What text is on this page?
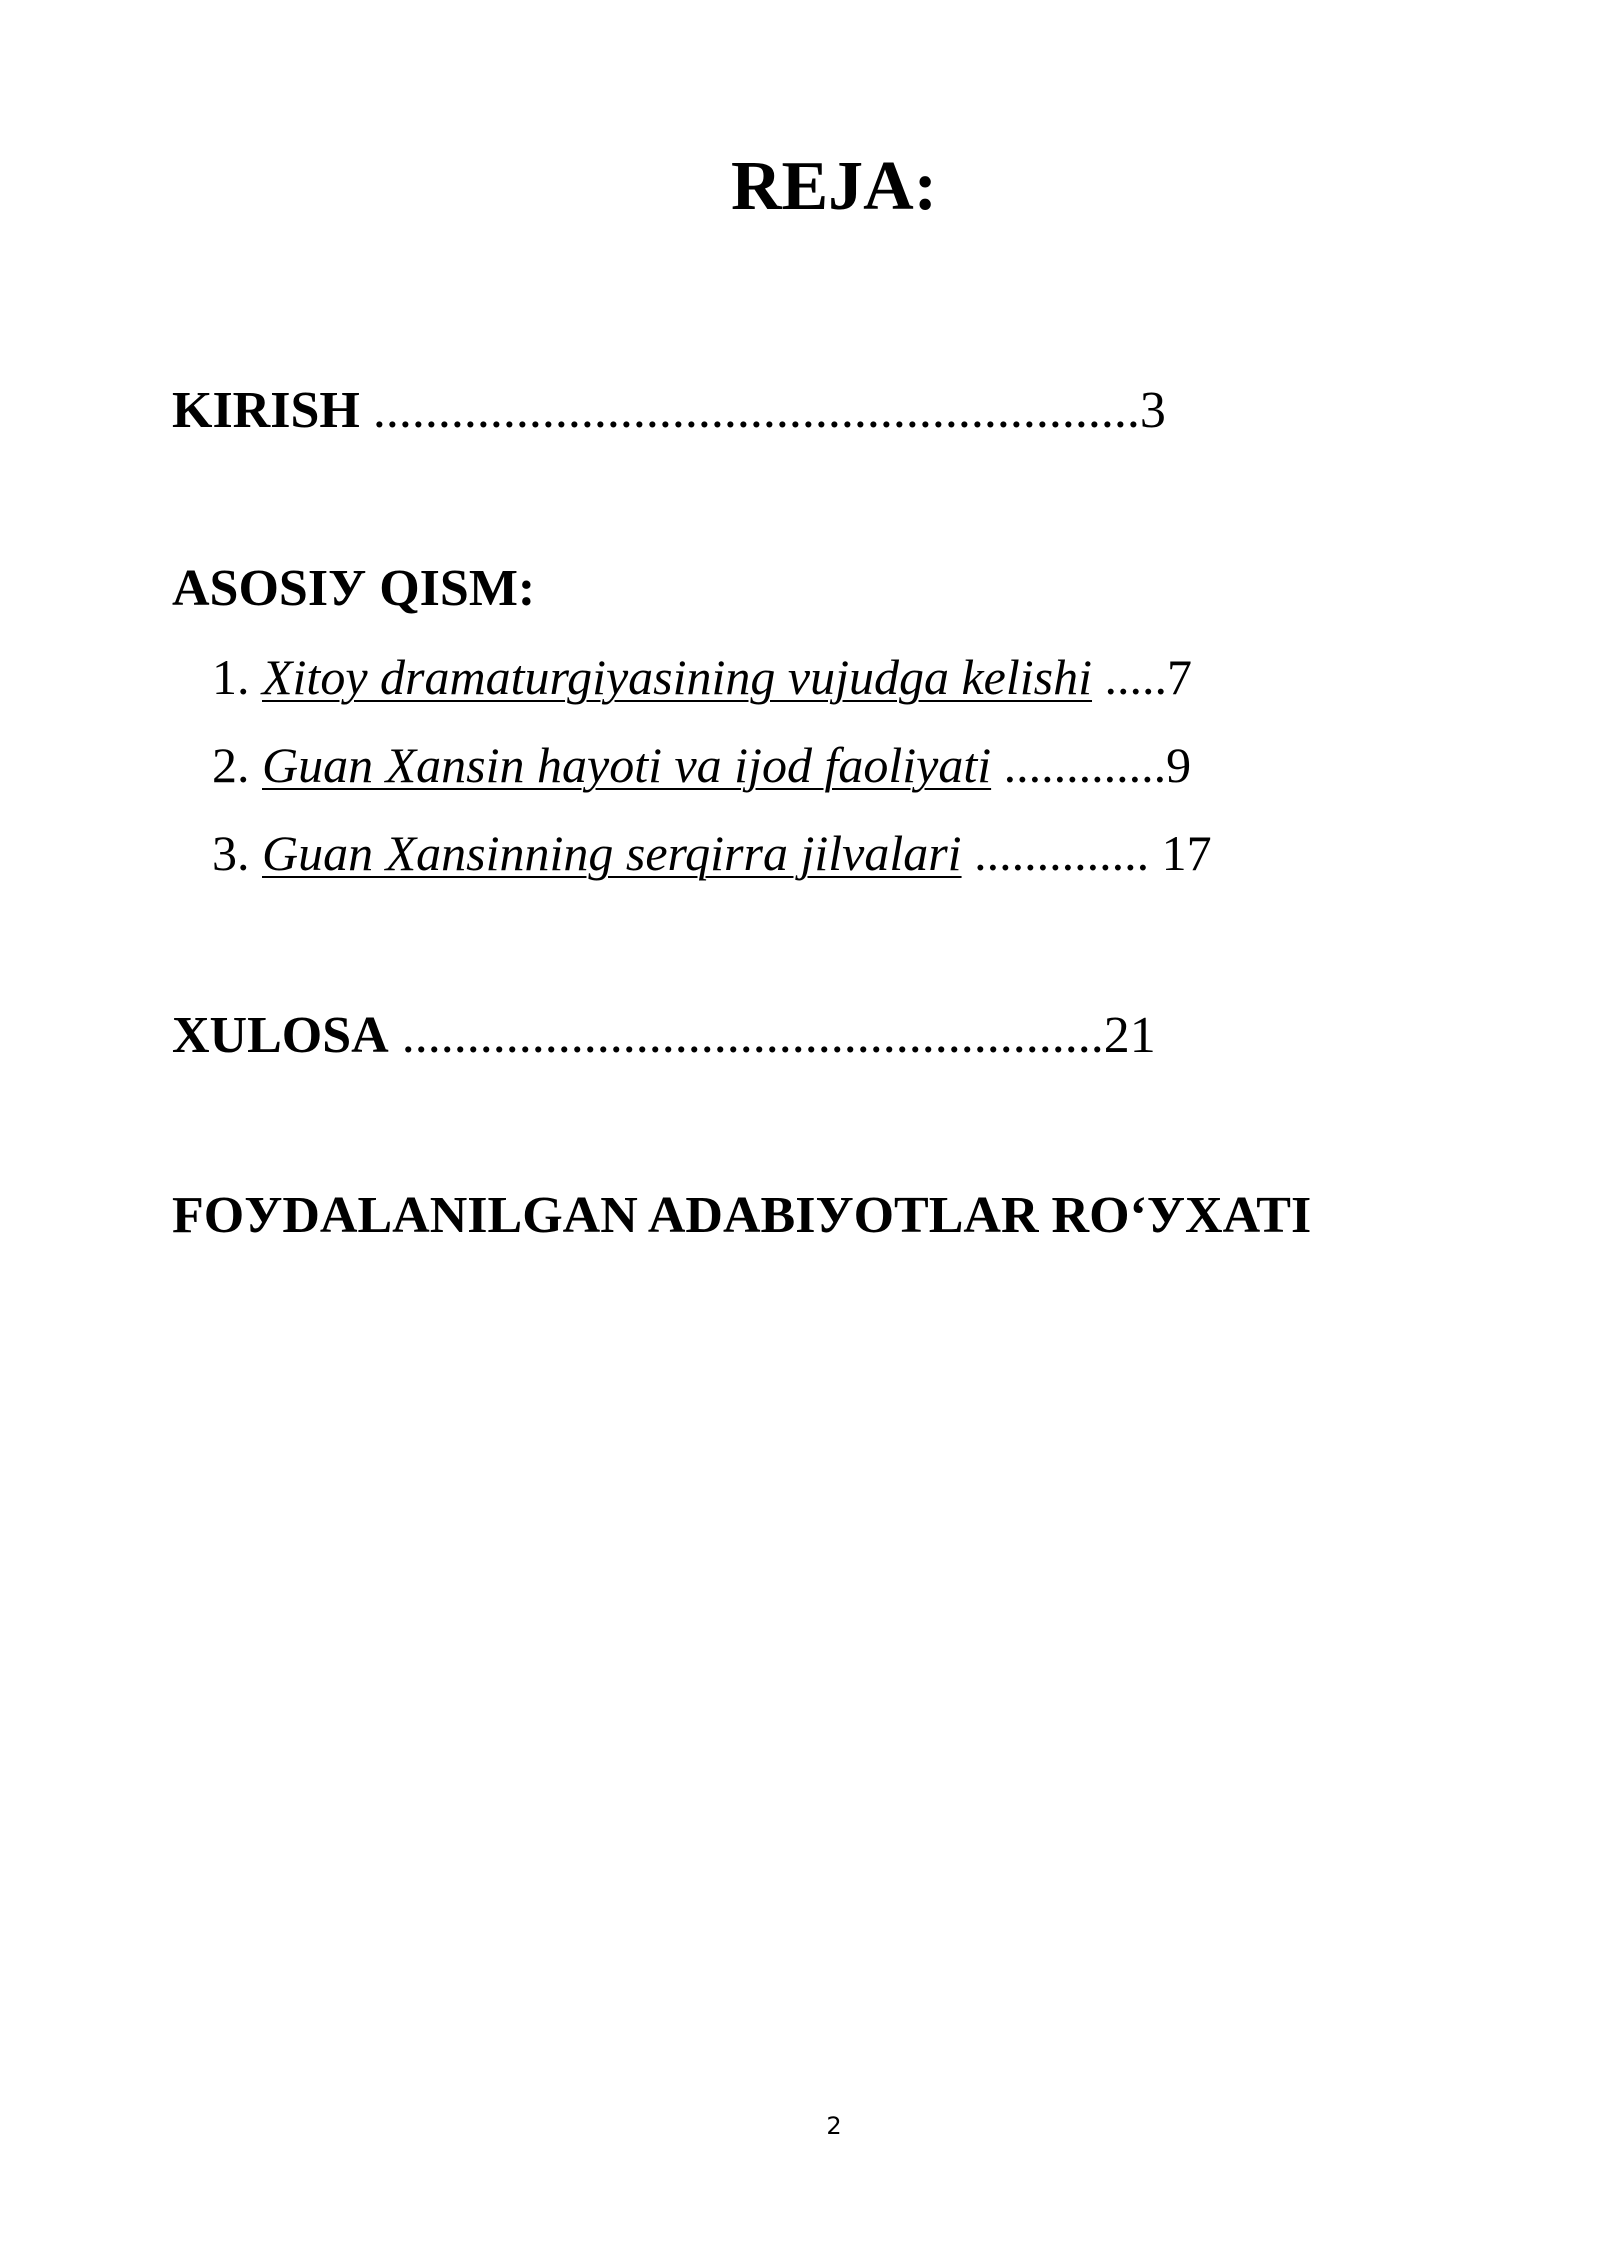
REJA:
KIRISH ...........................................................3
ASOSIУ QISM:
1. Xitoy dramaturgiyasining vujudga kelishi .....7
2. Guan Xansin hayoti va ijod faoliyati .............9
3. Guan Xansinning serqirra jilvalari .............. 17
XULOSA ......................................................21
FOУDALANILGAN ADABIУOTLAR ROʻУXATI
2
